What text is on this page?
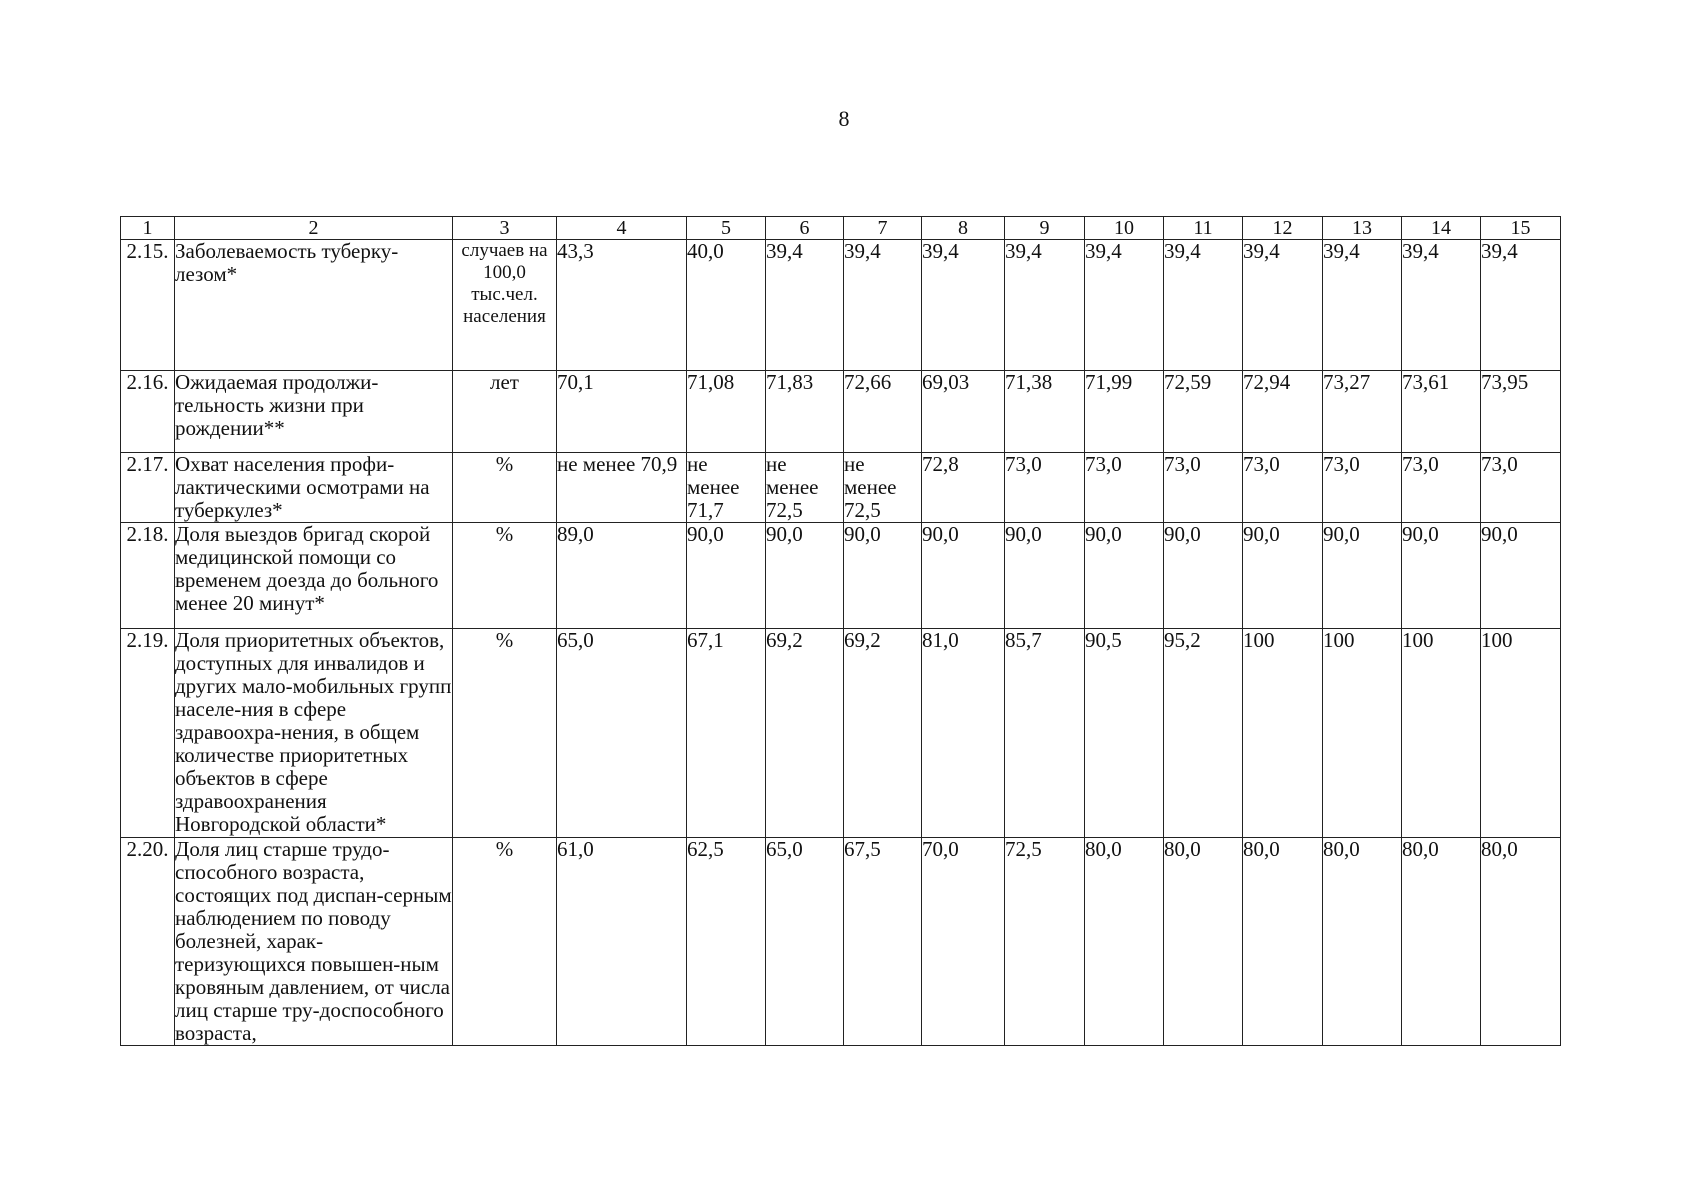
8
1	2	3	4	5	6	7	8	9	10	11	12	13	14	15
2.15.	Заболеваемость туберку-лезом*	случаев на 100,0 тыс.чел. населения	43,3	40,0	39,4	39,4	39,4	39,4	39,4	39,4	39,4	39,4	39,4	39,4
2.16.	Ожидаемая продолжи-тельность жизни при рождении**	лет	70,1	71,08	71,83	72,66	69,03	71,38	71,99	72,59	72,94	73,27	73,61	73,95
2.17.	Охват населения профи-лактическими осмотрами на туберкулез*	%	не менее 70,9	не менее 71,7	не менее 72,5	не менее 72,5	72,8	73,0	73,0	73,0	73,0	73,0	73,0	73,0
2.18.	Доля выездов бригад скорой медицинской помощи со временем доезда до больного менее 20 минут*	%	89,0	90,0	90,0	90,0	90,0	90,0	90,0	90,0	90,0	90,0	90,0	90,0
2.19.	Доля приоритетных объектов, доступных для инвалидов и других мало-мобильных групп населе-ния в сфере здравоохра-нения, в общем количестве приоритетных объектов в сфере здравоохранения Новгородской области*	%	65,0	67,1	69,2	69,2	81,0	85,7	90,5	95,2	100	100	100	100
2.20.	Доля лиц старше трудо-способного возраста, состоящих под диспан-серным наблюдением по поводу болезней, харак-теризующихся повышен-ным кровяным давлением, от числа лиц старше тру-доспособного возраста,	%	61,0	62,5	65,0	67,5	70,0	72,5	80,0	80,0	80,0	80,0	80,0	80,0
